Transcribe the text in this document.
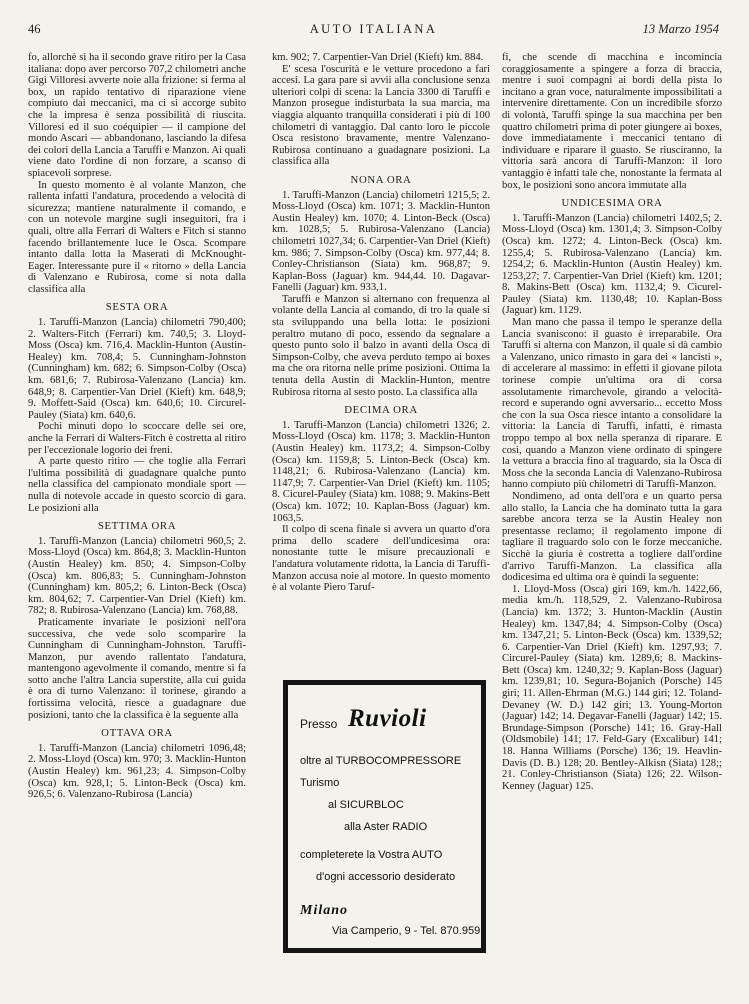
46	AUTO ITALIANA	13 Marzo 1954

fo, allorchè si ha il secondo grave ritiro per la Casa italiana: dopo aver percorso 707,2 chilometri anche Gigi Villoresi avverte noie alla frizione: si ferma al box, un rapido tentativo di riparazione viene compiuto dai meccanici, ma ci si accorge subito che la impresa è senza possibilità di riuscita. Villoresi ed il suo coéquipier — il campione del mondo Ascari — abbandonano, lasciando la difesa dei colori della Lancia a Taruffi e Manzon. Ai quali viene dato l'ordine di non forzare, a scanso di spiacevoli sorprese.

In questo momento è al volante Manzon, che rallenta infatti l'andatura, procedendo a velocità di sicurezza; mantiene naturalmente il comando, e con un notevole margine sugli inseguitori, fra i quali, oltre alla Ferrari di Walters e Fitch si stanno facendo brillantemente luce le Osca. Scompare intanto dalla lotta la Maserati di McKnought-Eager. Interessante pure il « ritorno » della Lancia di Valenzano e Rubirosa, come si nota dalla classifica alla

SESTA ORA

1. Taruffi-Manzon (Lancia) chilometri 790,400; 2. Walters-Fitch (Ferrari) km. 740,5; 3. Lloyd-Moss (Osca) km. 716,4. Macklin-Hunton (Austin-Healey) km. 708,4; 5. Cunningham-Johnston (Cunningham) km. 682; 6. Simpson-Colby (Osca) km. 681,6; 7. Rubirosa-Valenzano (Lancia) km. 648,9; 8. Carpentier-Van Driel (Kieft) km. 648,9; 9. Moffett-Said (Osca) km. 640,6; 10. Circurel-Pauley (Siata) km. 640,6.

Pochi minuti dopo lo scoccare delle sei ore, anche la Ferrari di Walters-Fitch è costretta al ritiro per l'eccezionale logorio dei freni.

A parte questo ritiro — che toglie alla Ferrari l'ultima possibilità di guadagnare qualche punto nella classifica del campionato mondiale sport — nulla di notevole accade in questo scorcio di gara. Le posizioni alla

SETTIMA ORA

1. Taruffi-Manzon (Lancia) chilometri 960,5; 2. Moss-Lloyd (Osca) km. 864,8; 3. Macklin-Hunton (Austin Healey) km. 850; 4. Simpson-Colby (Osca) km. 806,83; 5. Cunningham-Johnston (Cunningham) km. 805,2; 6. Linton-Beck (Osca) km. 804,62; 7. Carpentier-Van Driel (Kieft) km. 782; 8. Rubirosa-Valenzano (Lancia) km. 768,88.

Praticamente invariate le posizioni nell'ora successiva, che vede solo scomparire la Cunningham di Cunningham-Johnston. Taruffi-Manzon, pur avendo rallentato l'andatura, mantengono agevolmente il comando, mentre si fa sotto anche l'altra Lancia superstite, alla cui guida è ora di turno Valenzano: il torinese, girando a fortissima velocità, riesce a guadagnare due posizioni, tanto che la classifica è la seguente alla

OTTAVA ORA

1. Taruffi-Manzon (Lancia) chilometri 1096,48; 2. Moss-Lloyd (Osca) km. 970; 3. Macklin-Hunton (Austin Healey) km. 961,23; 4. Simpson-Colby (Osca) km. 928,1; 5. Linton-Beck (Osca) km. 926,5; 6. Valenzano-Rubirosa (Lancia)

km. 902; 7. Carpentier-Van Driel (Kieft) km. 884.

E' scesa l'oscurità e le vetture procedono a fari accesi. La gara pare si avvii alla conclusione senza ulteriori colpi di scena: la Lancia 3300 di Taruffi e Manzon prosegue indisturbata la sua marcia, ma viaggia alquanto tranquilla considerati i più di 100 chilometri di vantaggio. Dal canto loro le piccole Osca resistono bravamente, mentre Valenzano-Rubirosa continuano a guadagnare posizioni. La classifica alla

NONA ORA

1. Taruffi-Manzon (Lancia) chilometri 1215,5; 2. Moss-Lloyd (Osca) km. 1071; 3. Macklin-Hunton Austin Healey) km. 1070; 4. Linton-Beck (Osca) km. 1028,5; 5. Rubirosa-Valenzano (Lancia) chilometri 1027,34; 6. Carpentier-Van Driel (Kieft) km. 986; 7. Simpson-Colby (Osca) km. 977,44; 8. Conley-Christianson (Siata) km. 968,87; 9. Kaplan-Boss (Jaguar) km. 944,44. 10. Dagavar-Fanelli (Jaguar) km. 933,1.

Taruffi e Manzon si alternano con frequenza al volante della Lancia al comando, di tro la quale si sta sviluppando una bella lotta: le posizioni peraltro mutano di poco, essendo da segnalare a questo punto solo il balzo in avanti della Osca di Simpson-Colby, che aveva perduto tempo ai boxes ma che ora ritorna nelle prime posizioni. Ottima la tenuta della Austin di Macklin-Hunton, mentre Rubirosa ritorna al sesto posto. La classifica alla

DECIMA ORA

1. Taruffi-Manzon (Lancia) chilometri 1326; 2. Moss-Lloyd (Osca) km. 1178; 3. Macklin-Hunton (Austin Healey) km. 1173,2; 4. Simpson-Colby (Osca) km. 1159,8; 5. Linton-Beck (Osca) km. 1148,21; 6. Rubirosa-Valenzano (Lancia) km. 1147,9; 7. Carpentier-Van Driel (Kieft) km. 1105; 8. Cicurel-Pauley (Siata) km. 1088; 9. Makins-Bett (Osca) km. 1072; 10. Kaplan-Boss (Jaguar) km. 1063,5.

Il colpo di scena finale si avvera un quarto d'ora prima dello scadere dell'undicesima ora: nonostante tutte le misure precauzionali e l'andatura volutamente ridotta, la Lancia di Taruffi-Manzon accusa noie al motore. In questo momento è al volante Piero Taruf-

Presso Ruvioli
oltre al TURBOCOMPRESSORE
Turismo
al SICURBLOC
alla Aster RADIO
completerete la Vostra AUTO
d'ogni accessorio desiderato
Milano
Via Camperio, 9 - Tel. 870.959

fi, che scende di macchina e incomincia coraggiosamente a spingere a forza di braccia, mentre i suoi compagni ai bordi della pista lo incitano a gran voce, naturalmente impossibilitati a intervenire direttamente. Con un incredibile sforzo di volontà, Taruffi spinge la sua macchina per ben quattro chilometri prima di poter giungere ai boxes, dove immediatamente i meccanici tentano di individuare e riparare il guasto. Se riusciranno, la vittoria sarà ancora di Taruffi-Manzon: il loro vantaggio è infatti tale che, nonostante la fermata al box, le posizioni sono ancora immutate alla

UNDICESIMA ORA

1. Taruffi-Manzon (Lancia) chilometri 1402,5; 2. Moss-Lloyd (Osca) km. 1301,4; 3. Simpson-Colby (Osca) km. 1272; 4. Linton-Beck (Osca) km. 1255,4; 5. Rubirosa-Valenzano (Lancia) km. 1254,2; 6. Macklin-Hunton (Austin Healey) km. 1253,27; 7. Carpentier-Van Driel (Kieft) km. 1201; 8. Makins-Bett (Osca) km. 1132,4; 9. Cicurel-Pauley (Siata) km. 1130,48; 10. Kaplan-Boss (Jaguar) km. 1129.

Man mano che passa il tempo le speranze della Lancia svaniscono: il guasto è irreparabile. Ora Taruffi si alterna con Manzon, il quale si dà cambio a Valenzano, unico rimasto in gara dei « lancisti », di accelerare al massimo: in effetti il giovane pilota torinese compie un'ultima ora di corsa assolutamente rimarchevole, girando a velocità-record e superando ogni avversario... eccetto Moss che con la sua Osca riesce intanto a consolidare la vittoria: la Lancia di Taruffi, infatti, è rimasta troppo tempo al box nella speranza di riparare. E così, quando a Manzon viene ordinato di spingere la vettura a braccia fino al traguardo, sia la Osca di Moss che la seconda Lancia di Valenzano-Rubirosa hanno compiuto più chilometri di Taruffi-Manzon.

Nondimeno, ad onta dell'ora e un quarto persa allo stallo, la Lancia che ha dominato tutta la gara sarebbe ancora terza se la Austin Healey non presentasse reclamo; il regolamento impone di tagliare il traguardo solo con le forze meccaniche. Sicchè la giuria è costretta a togliere dall'ordine d'arrivo Taruffi-Manzon. La classifica alla dodicesima ed ultima ora è quindi la seguente:

1. Lloyd-Moss (Osca) giri 169, km./h. 1422,66, media km./h. 118,529, 2. Valenzano-Rubirosa (Lancia) km. 1372; 3. Hunton-Macklin (Austin Healey) km. 1347,84; 4. Simpson-Colby (Osca) km. 1347,21; 5. Linton-Beck (Osca) km. 1339,52; 6. Carpentier-Van Driel (Kieft) km. 1297,93; 7. Circurel-Pauley (Siata) km. 1289,6; 8. Mackins-Bett (Osca) km. 1240,32; 9. Kaplan-Boss (Jaguar) km. 1239,81; 10. Segura-Bojanich (Porsche) 145 giri; 11. Allen-Ehrman (M.G.) 144 giri; 12. Toland-Devaney (W. D.) 142 giri; 13. Young-Morton (Jaguar) 142; 14. Degavar-Fanelli (Jaguar) 142; 15. Brundage-Simpson (Porsche) 141; 16. Gray-Hall (Oldsmobile) 141; 17. Feld-Gary (Excalibur) 141; 18. Hanna Williams (Porsche) 136; 19. Heavlin-Davis (D. B.) 128; 20. Bentley-Alkisn (Siata) 128;; 21. Conley-Christianson (Siata) 126; 22. Wilson-Kenney (Jaguar) 125.
